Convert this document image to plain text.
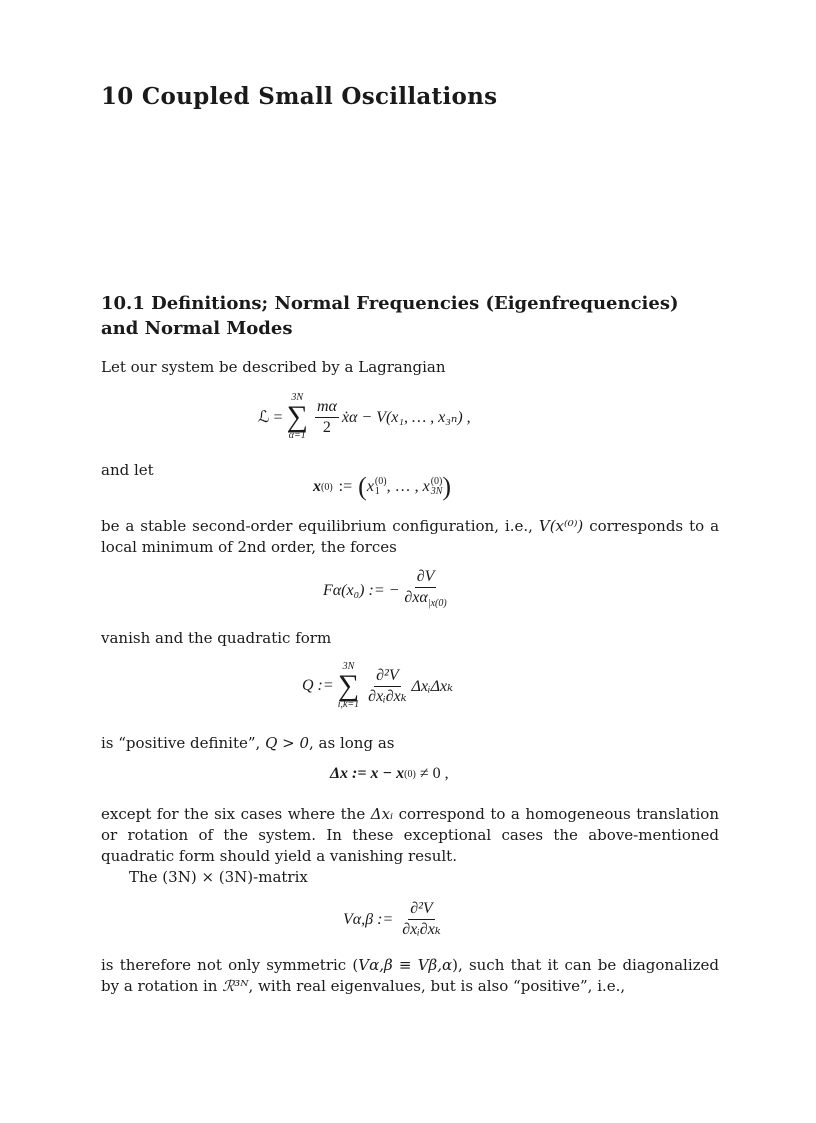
10 Coupled Small Oscillations
10.1 Definitions; Normal Frequencies (Eigenfrequencies)
and Normal Modes
Let our system be described by a Lagrangian
ℒ =
3N
∑
$\alpha=1 \frac{m\alpha}{2}$ ẋα − V(x₁, … , x₃ₙ) ,
and let
x (0) := ( x (0)
1 , … , x (0)
3N )
be a stable second-order equilibrium configuration, i.e., V(x⁽⁰⁾) corresponds to a local minimum of 2nd order, the forces
Fα(x₀) := − $\frac{\partial V}{\partial x\alpha_{|x(0)}}$
vanish and the quadratic form
Q :=
3N
∑
$i,k=1 \frac{\text{∂²V}}{\text{∂xᵢ∂xₖ}}$ ΔxᵢΔxₖ
is “positive definite”, Q > 0, as long as
Δx := x − x (0) ≠ 0 ,

except for the six cases where the Δxᵢ correspond to a homogeneous translation or rotation of the system. In these exceptional cases the above-mentioned quadratic form should yield a vanishing result.

The (3N) × (3N)-matrix

Vα,β := $\frac{\text{∂²V}}{\text{∂xᵢ∂xₖ}}$
is therefore not only symmetric (Vα,β ≡ Vβ,α), such that it can be diagonalized by a rotation in ℛ³ᴺ, with real eigenvalues, but is also “positive”, i.e.,
